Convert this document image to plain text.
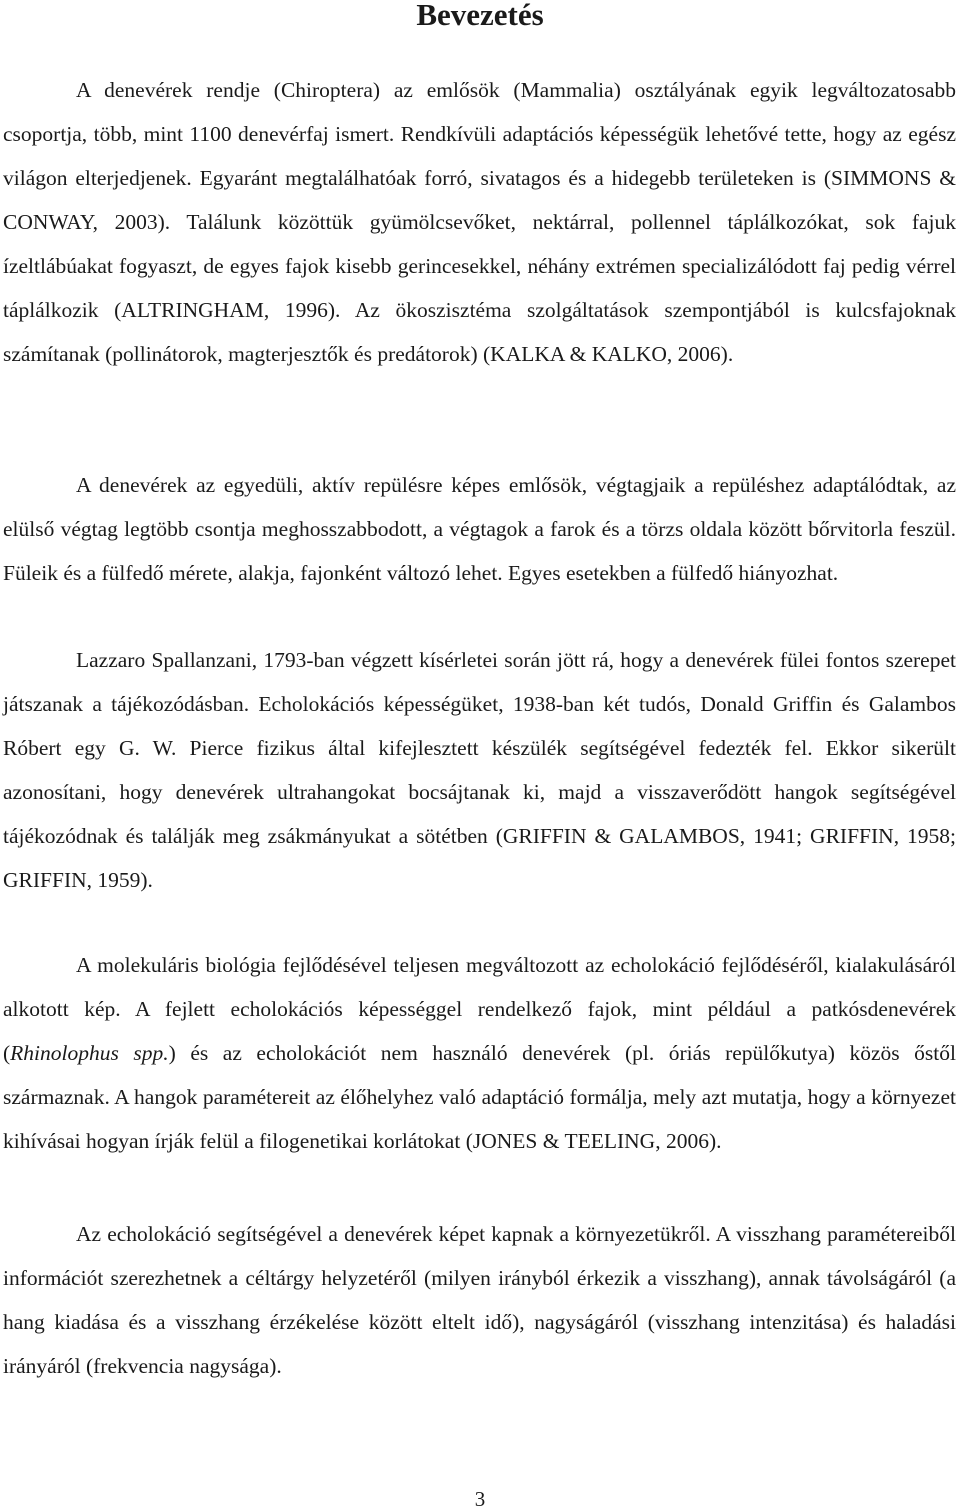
Bevezetés

A denevérek rendje (Chiroptera) az emlősök (Mammalia) osztályának egyik legváltozatosabb csoportja, több, mint 1100 denevérfaj ismert. Rendkívüli adaptációs képességük lehetővé tette, hogy az egész világon elterjedjenek. Egyaránt megtalálhatóak forró, sivatagos és a hidegebb területeken is (SIMMONS & CONWAY, 2003). Találunk közöttük gyümölcsevőket, nektárral, pollennel táplálkozókat, sok fajuk ízeltlábúakat fogyaszt, de egyes fajok kisebb gerincesekkel, néhány extrémen specializálódott faj pedig vérrel táplálkozik (ALTRINGHAM, 1996). Az ökoszisztéma szolgáltatások szempontjából is kulcsfajoknak számítanak (pollinátorok, magterjesztők és predátorok) (KALKA & KALKO, 2006).

A denevérek az egyedüli, aktív repülésre képes emlősök, végtagjaik a repüléshez adaptálódtak, az elülső végtag legtöbb csontja meghosszabbodott, a végtagok a farok és a törzs oldala között bőrvitorla feszül. Füleik és a fülfedő mérete, alakja, fajonként változó lehet. Egyes esetekben a fülfedő hiányozhat.

Lazzaro Spallanzani, 1793-ban végzett kísérletei során jött rá, hogy a denevérek fülei fontos szerepet játszanak a tájékozódásban. Echolokációs képességüket, 1938-ban két tudós, Donald Griffin és Galambos Róbert egy G. W. Pierce fizikus által kifejlesztett készülék segítségével fedezték fel. Ekkor sikerült azonosítani, hogy denevérek ultrahangokat bocsájtanak ki, majd a visszaverődött hangok segítségével tájékozódnak és találják meg zsákmányukat a sötétben (GRIFFIN & GALAMBOS, 1941; GRIFFIN, 1958; GRIFFIN, 1959).

A molekuláris biológia fejlődésével teljesen megváltozott az echolokáció fejlődéséről, kialakulásáról alkotott kép. A fejlett echolokációs képességgel rendelkező fajok, mint például a patkósdenevérek (Rhinolophus spp.) és az echolokációt nem használó denevérek (pl. óriás repülőkutya) közös őstől származnak. A hangok paramétereit az élőhelyhez való adaptáció formálja, mely azt mutatja, hogy a környezet kihívásai hogyan írják felül a filogenetikai korlátokat (JONES & TEELING, 2006).

Az echolokáció segítségével a denevérek képet kapnak a környezetükről. A visszhang paramétereiből információt szerezhetnek a céltárgy helyzetéről (milyen irányból érkezik a visszhang), annak távolságáról (a hang kiadása és a visszhang érzékelése között eltelt idő), nagyságáról (visszhang intenzitása) és haladási irányáról (frekvencia nagysága).

3
